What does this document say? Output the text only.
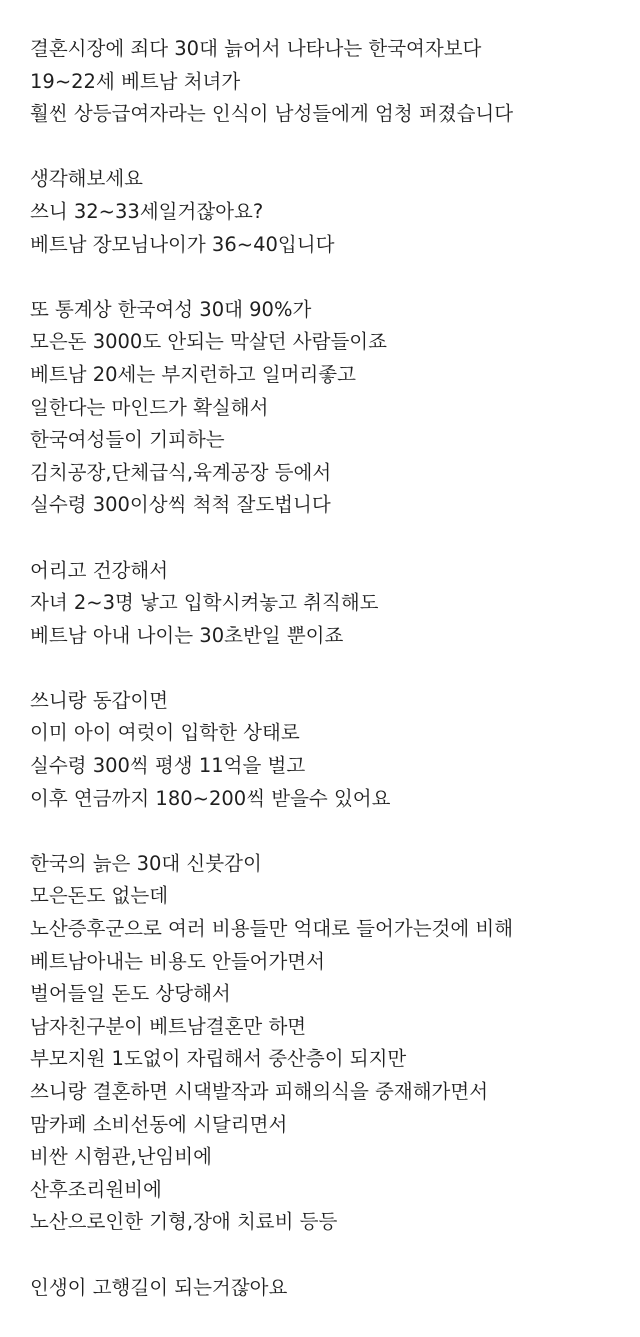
결혼시장에 죄다 30대 늙어서 나타나는 한국여자보다
19~22세 베트남 처녀가
훨씬 상등급여자라는 인식이 남성들에게 엄청 퍼졌습니다
생각해보세요
쓰니 32~33세일거잖아요?
베트남 장모님나이가 36~40입니다
또 통계상 한국여성 30대 90%가
모은돈 3000도 안되는 막살던 사람들이죠
베트남 20세는 부지런하고 일머리좋고
일한다는 마인드가 확실해서
한국여성들이 기피하는
김치공장,단체급식,육계공장 등에서
실수령 300이상씩 척척 잘도법니다
어리고 건강해서
자녀 2~3명 낳고 입학시켜놓고 취직해도
베트남 아내 나이는 30초반일 뿐이죠
쓰니랑 동갑이면
이미 아이 여럿이 입학한 상태로
실수령 300씩 평생 11억을 벌고
이후 연금까지 180~200씩 받을수 있어요
한국의 늙은 30대 신붓감이
모은돈도 없는데
노산증후군으로 여러 비용들만 억대로 들어가는것에 비해
베트남아내는 비용도 안들어가면서
벌어들일 돈도 상당해서
남자친구분이 베트남결혼만 하면
부모지원 1도없이 자립해서 중산층이 되지만
쓰니랑 결혼하면 시댁발작과 피해의식을 중재해가면서
맘카페 소비선동에 시달리면서
비싼 시험관,난임비에
산후조리원비에
노산으로인한 기형,장애 치료비 등등
인생이 고행길이 되는거잖아요
